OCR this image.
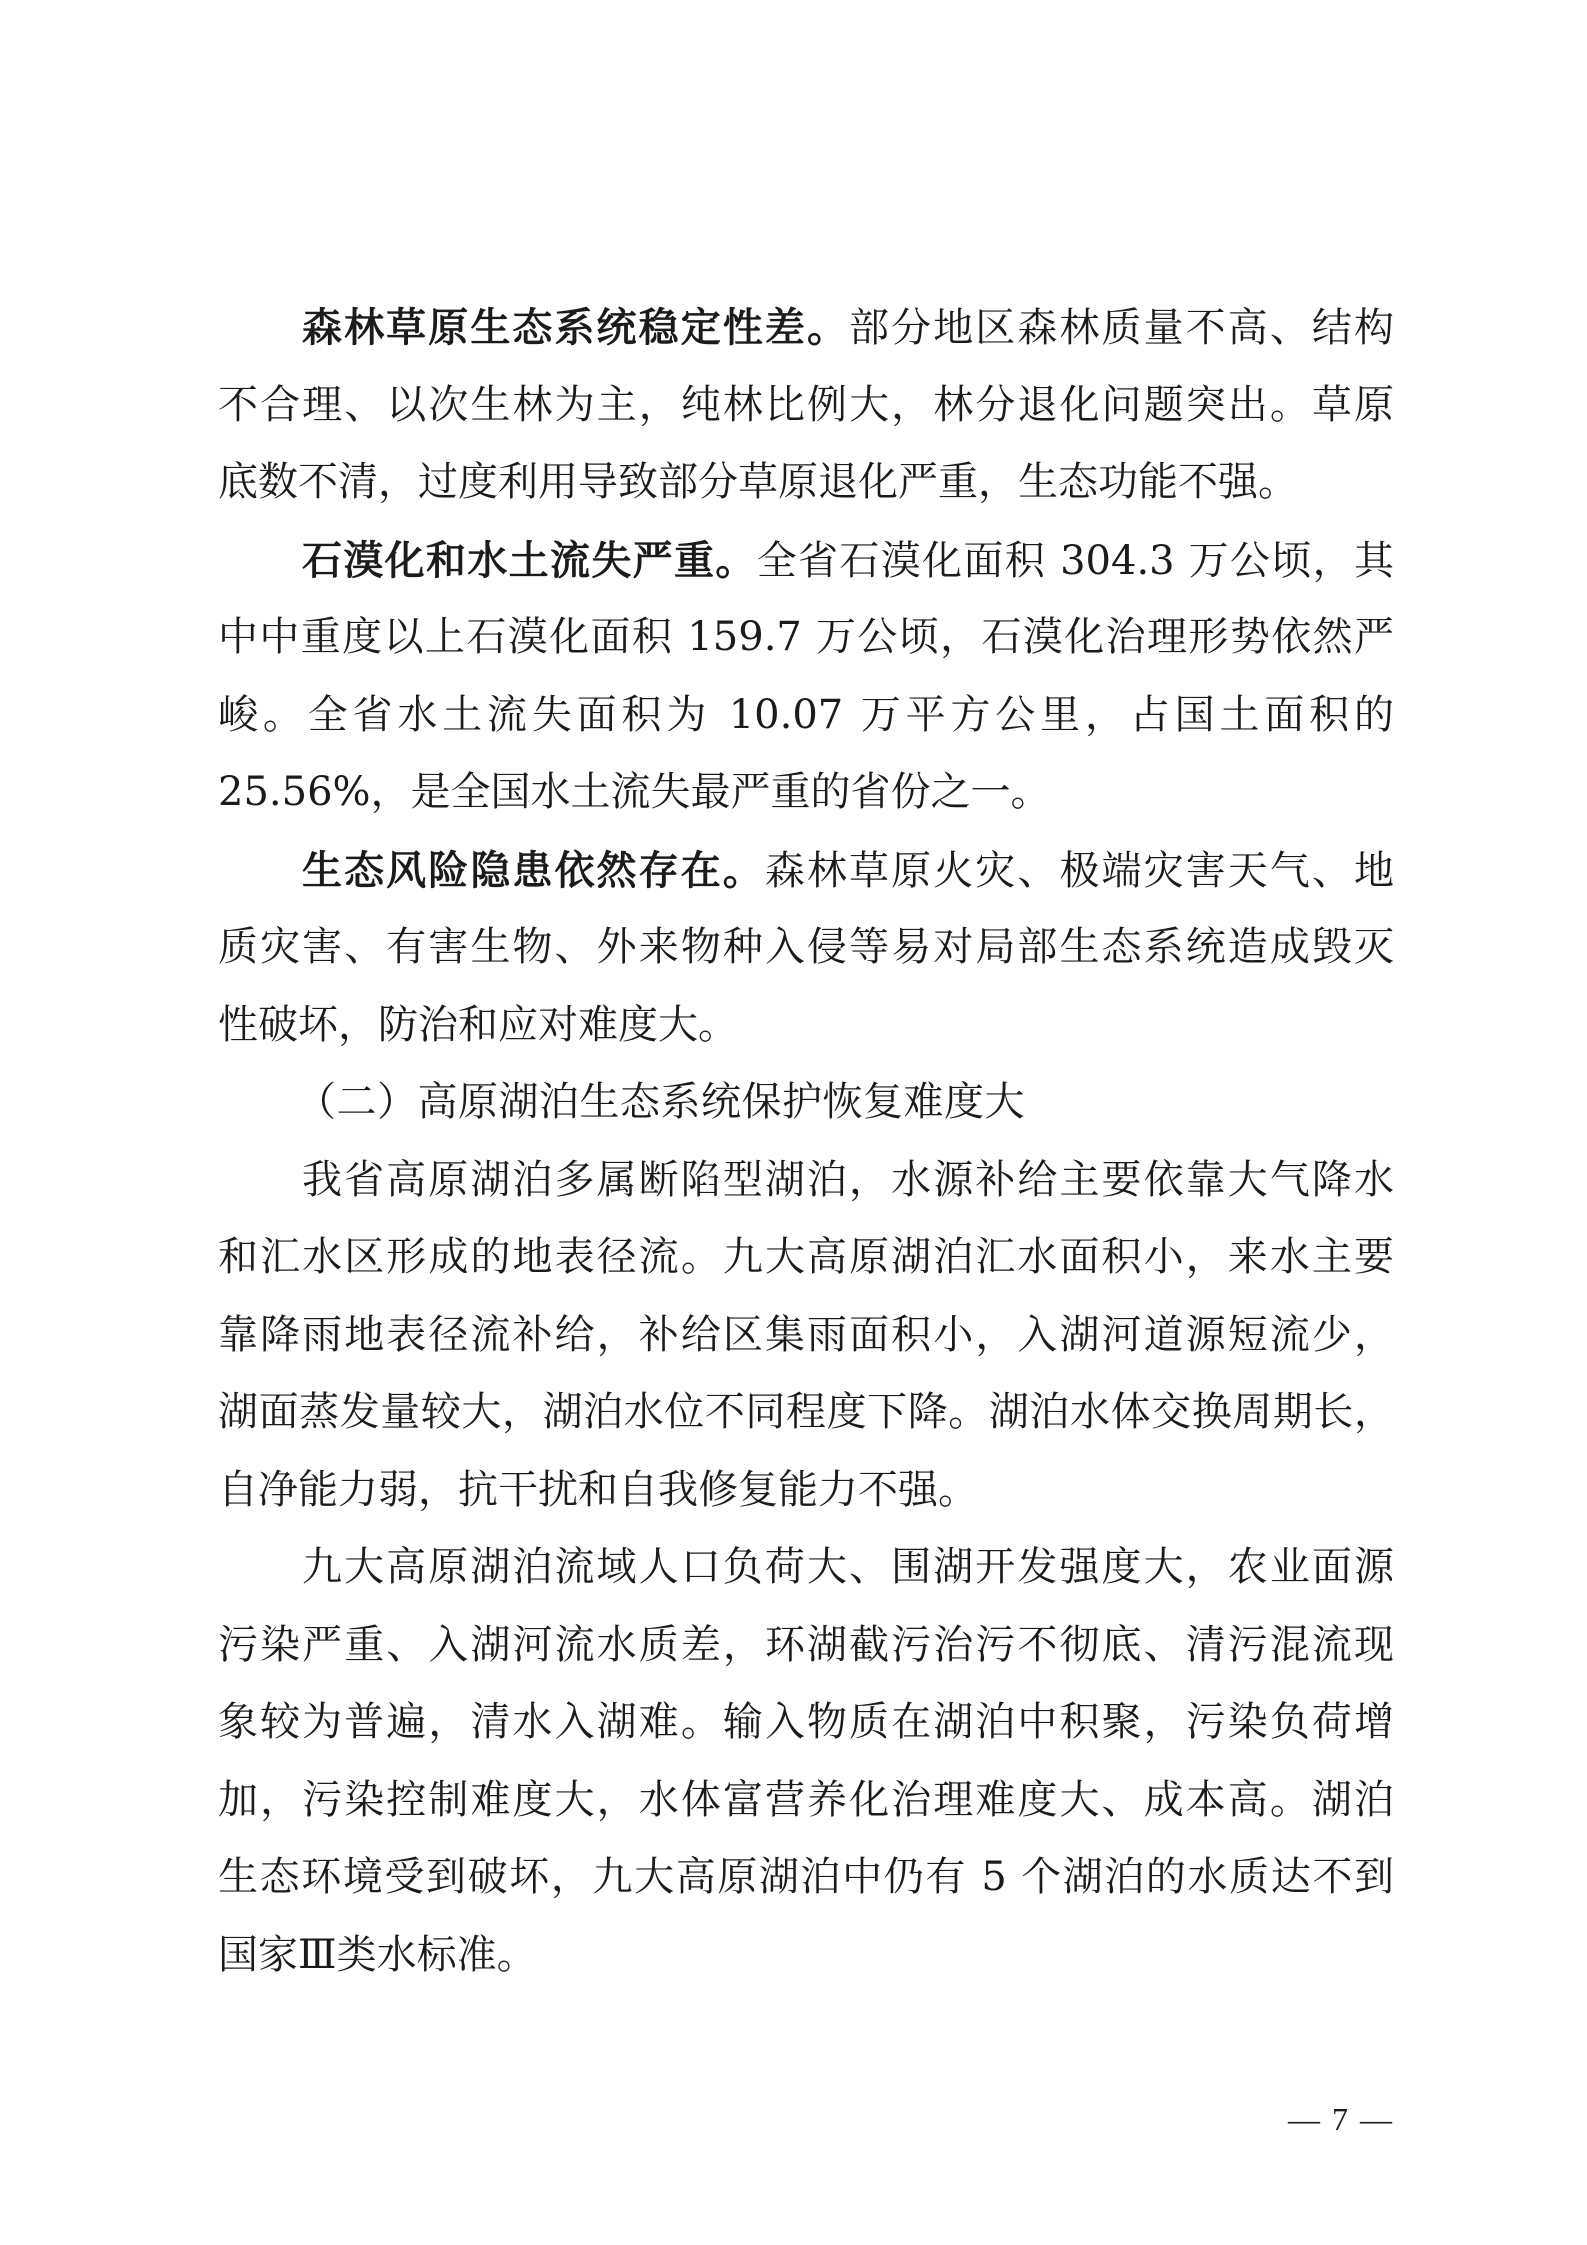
森林草原生态系统稳定性差。部分地区森林质量不高、结构
不合理、以次生林为主，纯林比例大，林分退化问题突出。草原
底数不清，过度利用导致部分草原退化严重，生态功能不强。
石漠化和水土流失严重。全省石漠化面积 304.3 万公顷，其
中中重度以上石漠化面积 159.7 万公顷，石漠化治理形势依然严
峻。全省水土流失面积为 10.07 万平方公里，占国土面积的
25.56%，是全国水土流失最严重的省份之一。
生态风险隐患依然存在。森林草原火灾、极端灾害天气、地
质灾害、有害生物、外来物种入侵等易对局部生态系统造成毁灭
性破坏，防治和应对难度大。
（二）高原湖泊生态系统保护恢复难度大
我省高原湖泊多属断陷型湖泊，水源补给主要依靠大气降水
和汇水区形成的地表径流。九大高原湖泊汇水面积小，来水主要
靠降雨地表径流补给，补给区集雨面积小，入湖河道源短流少，
湖面蒸发量较大，湖泊水位不同程度下降。湖泊水体交换周期长，
自净能力弱，抗干扰和自我修复能力不强。
九大高原湖泊流域人口负荷大、围湖开发强度大，农业面源
污染严重、入湖河流水质差，环湖截污治污不彻底、清污混流现
象较为普遍，清水入湖难。输入物质在湖泊中积聚，污染负荷增
加，污染控制难度大，水体富营养化治理难度大、成本高。湖泊
生态环境受到破坏，九大高原湖泊中仍有 5 个湖泊的水质达不到
国家Ⅲ类水标准。
— 7 —
